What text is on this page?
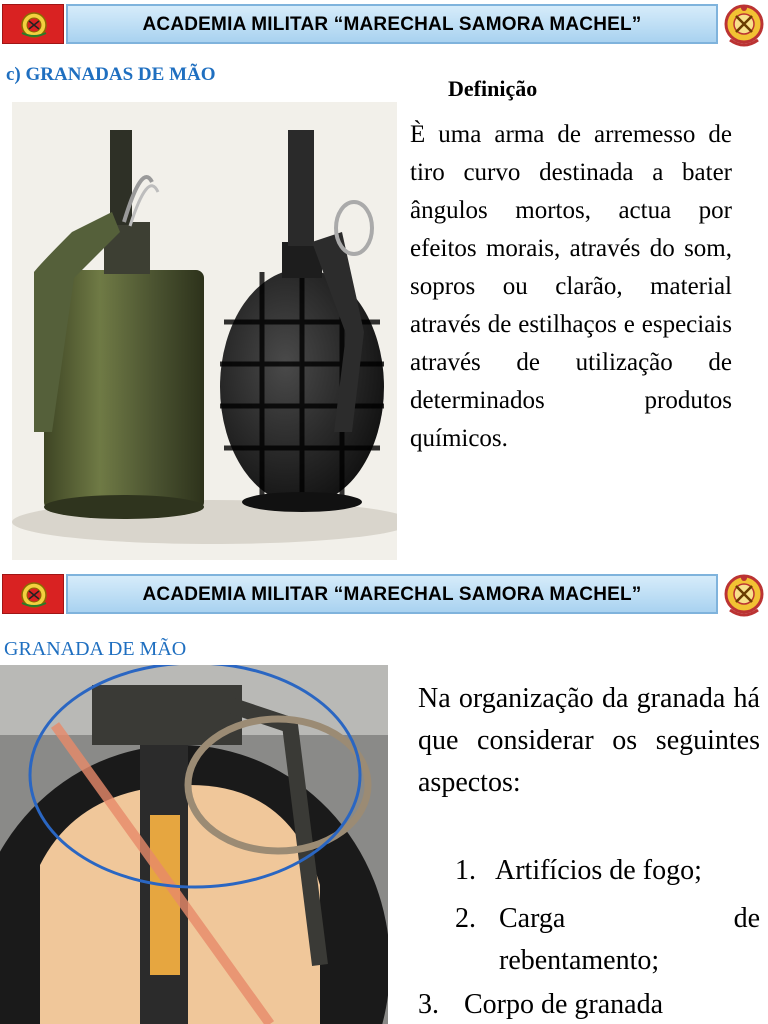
ACADEMIA MILITAR “MARECHAL SAMORA MACHEL”
c) GRANADAS DE MÃO
Definição
È uma arma de arremesso de tiro curvo destinada a bater ângulos mortos, actua por efeitos morais, através do som, sopros ou clarão, material através de estilhaços e especiais através de utilização de determinados produtos químicos.
ACADEMIA MILITAR “MARECHAL SAMORA MACHEL”
GRANADA DE MÃO
Na organização da granada há que considerar os seguintes aspectos:
1. Artifícios de fogo;
2. Carga de rebentamento;
3. Corpo de granada
